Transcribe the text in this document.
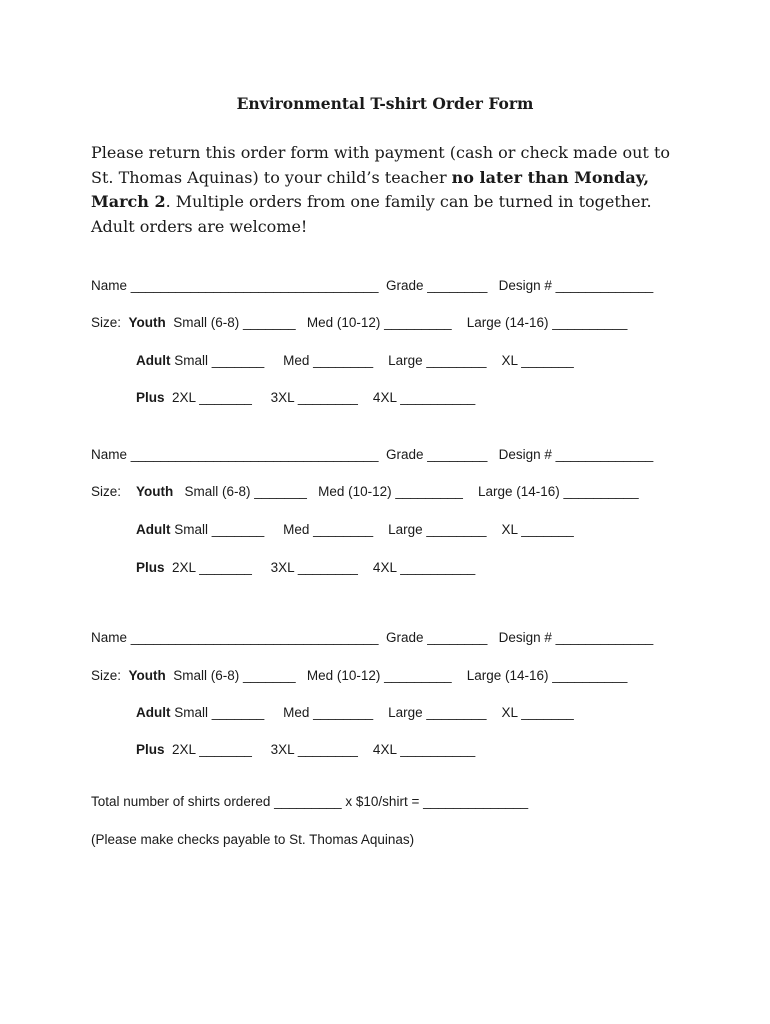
Environmental T-shirt Order Form
Please return this order form with payment (cash or check made out to St. Thomas Aquinas) to your child’s teacher no later than Monday, March 2. Multiple orders from one family can be turned in together. Adult orders are welcome!
Name _________________________________  Grade ________   Design # _____________
Size:  Youth  Small (6-8) _______   Med (10-12) _________    Large (14-16) __________
Adult Small _______     Med ________    Large ________    XL _______
Plus  2XL _______     3XL ________    4XL __________
Name _________________________________  Grade ________   Design # _____________
Size:    Youth   Small (6-8) _______   Med (10-12) _________    Large (14-16) __________
Adult Small _______     Med ________    Large ________    XL _______
Plus  2XL _______     3XL ________    4XL __________
Name _________________________________  Grade ________   Design # _____________
Size:  Youth  Small (6-8) _______   Med (10-12) _________    Large (14-16) __________
Adult Small _______     Med ________    Large ________    XL _______
Plus  2XL _______     3XL ________    4XL __________
Total number of shirts ordered _________ x $10/shirt = ______________
(Please make checks payable to St. Thomas Aquinas)
